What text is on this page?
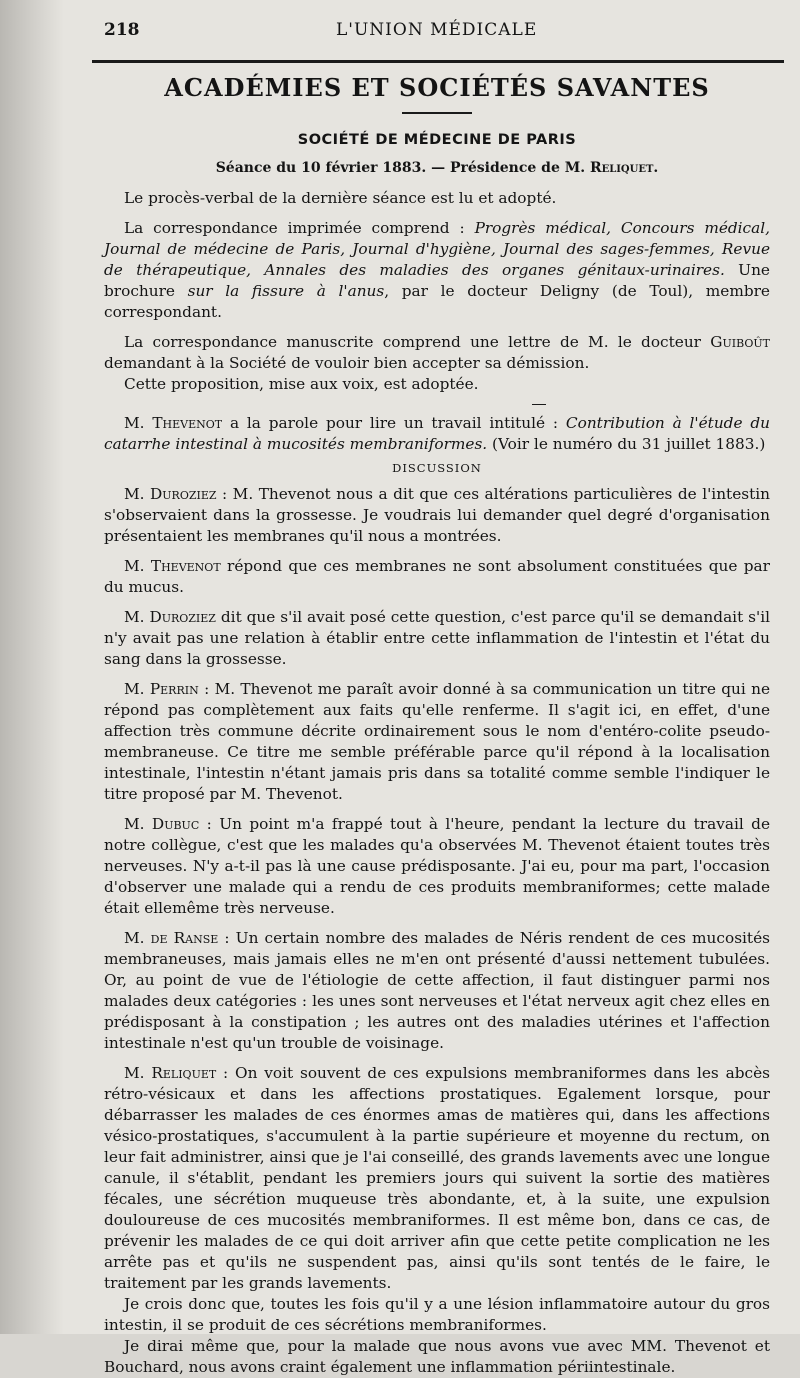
218	L'UNION MÉDICALE
ACADÉMIES ET SOCIÉTÉS SAVANTES
SOCIÉTÉ DE MÉDECINE DE PARIS
Séance du 10 février 1883. — Présidence de M. Reliquet.

Le procès-verbal de la dernière séance est lu et adopté.

La correspondance imprimée comprend : Progrès médical, Concours médical, Journal de médecine de Paris, Journal d'hygiène, Journal des sages-femmes, Revue de thérapeutique, Annales des maladies des organes génitaux-urinaires. Une brochure sur la fissure à l'anus, par le docteur Deligny (de Toul), membre correspondant.

La correspondance manuscrite comprend une lettre de M. le docteur Guiboût demandant à la Société de vouloir bien accepter sa démission.

Cette proposition, mise aux voix, est adoptée.

M. Thevenot a la parole pour lire un travail intitulé : Contribution à l'étude du catarrhe intestinal à mucosités membraniformes. (Voir le numéro du 31 juillet 1883.)

DISCUSSION

M. Duroziez : M. Thevenot nous a dit que ces altérations particulières de l'intestin s'observaient dans la grossesse. Je voudrais lui demander quel degré d'organisation présentaient les membranes qu'il nous a montrées.

M. Thevenot répond que ces membranes ne sont absolument constituées que par du mucus.

M. Duroziez dit que s'il avait posé cette question, c'est parce qu'il se demandait s'il n'y avait pas une relation à établir entre cette inflammation de l'intestin et l'état du sang dans la grossesse.

M. Perrin : M. Thevenot me paraît avoir donné à sa communication un titre qui ne répond pas complètement aux faits qu'elle renferme. Il s'agit ici, en effet, d'une affection très commune décrite ordinairement sous le nom d'entéro-colite pseudo-membraneuse. Ce titre me semble préférable parce qu'il répond à la localisation intestinale, l'intestin n'étant jamais pris dans sa totalité comme semble l'indiquer le titre proposé par M. Thevenot.

M. Dubuc : Un point m'a frappé tout à l'heure, pendant la lecture du travail de notre collègue, c'est que les malades qu'a observées M. Thevenot étaient toutes très nerveuses. N'y a-t-il pas là une cause prédisposante. J'ai eu, pour ma part, l'occasion d'observer une malade qui a rendu de ces produits membraniformes; cette malade était ellemême très nerveuse.

M. de Ranse : Un certain nombre des malades de Néris rendent de ces mucosités membraneuses, mais jamais elles ne m'en ont présenté d'aussi nettement tubulées. Or, au point de vue de l'étiologie de cette affection, il faut distinguer parmi nos malades deux catégories : les unes sont nerveuses et l'état nerveux agit chez elles en prédisposant à la constipation ; les autres ont des maladies utérines et l'affection intestinale n'est qu'un trouble de voisinage.

M. Reliquet : On voit souvent de ces expulsions membraniformes dans les abcès rétro-vésicaux et dans les affections prostatiques. Egalement lorsque, pour débarrasser les malades de ces énormes amas de matières qui, dans les affections vésico-prostatiques, s'accumulent à la partie supérieure et moyenne du rectum, on leur fait administrer, ainsi que je l'ai conseillé, des grands lavements avec une longue canule, il s'établit, pendant les premiers jours qui suivent la sortie des matières fécales, une sécrétion muqueuse très abondante, et, à la suite, une expulsion douloureuse de ces mucosités membraniformes. Il est même bon, dans ce cas, de prévenir les malades de ce qui doit arriver afin que cette petite complication ne les arrête pas et qu'ils ne suspendent pas, ainsi qu'ils sont tentés de le faire, le traitement par les grands lavements.

Je crois donc que, toutes les fois qu'il y a une lésion inflammatoire autour du gros intestin, il se produit de ces sécrétions membraniformes.

Je dirai même que, pour la malade que nous avons vue avec MM. Thevenot et Bouchard, nous avons craint également une inflammation périintestinale.
